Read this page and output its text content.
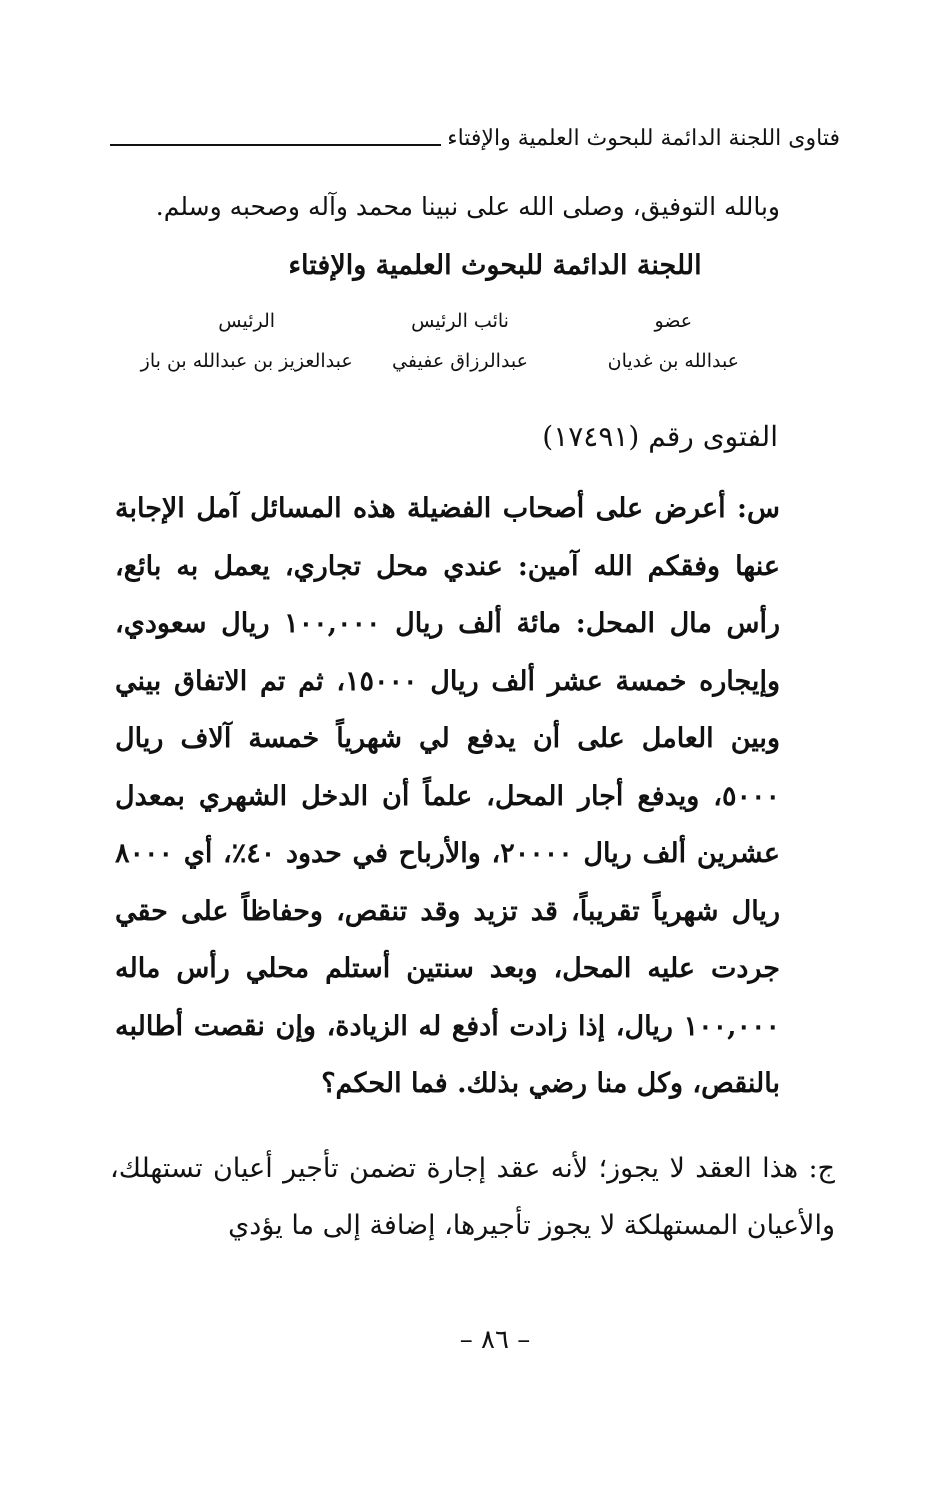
فتاوى اللجنة الدائمة للبحوث العلمية والإفتاء
وبالله التوفيق، وصلى الله على نبينا محمد وآله وصحبه وسلم.
اللجنة الدائمة للبحوث العلمية والإفتاء
عضو
عبدالله بن غديان
نائب الرئيس
عبدالرزاق عفيفي
الرئيس
عبدالعزيز بن عبدالله بن باز
الفتوى رقم (١٧٤٩١)

س: أعرض على أصحاب الفضيلة هذه المسائل آمل الإجابة عنها وفقكم الله آمين: عندي محل تجاري، يعمل به بائع، رأس مال المحل: مائة ألف ريال ١٠٠,٠٠٠ ريال سعودي، وإيجاره خمسة عشر ألف ريال ١٥٠٠٠، ثم تم الاتفاق بيني وبين العامل على أن يدفع لي شهرياً خمسة آلاف ريال ٥٠٠٠، ويدفع أجار المحل، علماً أن الدخل الشهري بمعدل عشرين ألف ريال ٢٠٠٠٠، والأرباح في حدود ٤٠٪، أي ٨٠٠٠ ريال شهرياً تقريباً، قد تزيد وقد تنقص، وحفاظاً على حقي جردت عليه المحل، وبعد سنتين أستلم محلي رأس ماله ١٠٠,٠٠٠ ريال، إذا زادت أدفع له الزيادة، وإن نقصت أطالبه بالنقص، وكل منا رضي بذلك. فما الحكم؟

ج: هذا العقد لا يجوز؛ لأنه عقد إجارة تضمن تأجير أعيان تستهلك، والأعيان المستهلكة لا يجوز تأجيرها، إضافة إلى ما يؤدي

– ٨٦ –
